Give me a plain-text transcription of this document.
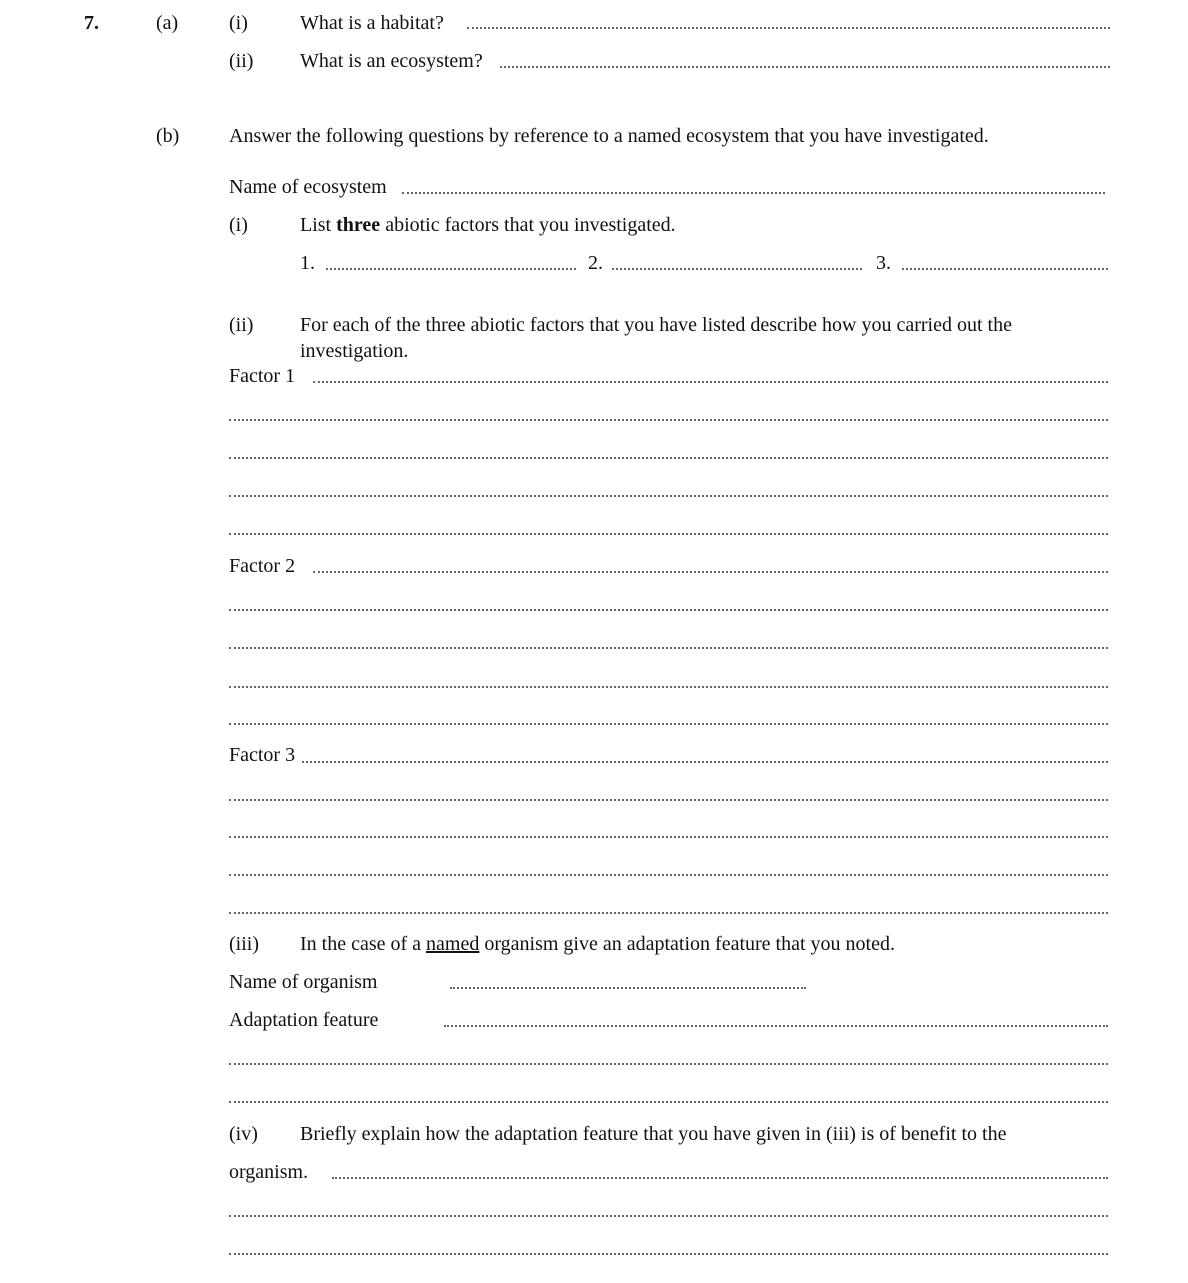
7.	(a)	(i)	What is a habitat?
(ii) What is an ecosystem?
(b) Answer the following questions by reference to a named ecosystem that you have investigated.
Name of ecosystem
(i)	List three abiotic factors that you investigated.
1.	2.	3.
(ii) For each of the three abiotic factors that you have listed describe how you carried out the
investigation.
Factor 1
Factor 2
Factor 3
(iii) In the case of a named organism give an adaptation feature that you noted.
Name of organism
Adaptation feature
(iv) Briefly explain how the adaptation feature that you have given in (iii) is of benefit to the
organism.
